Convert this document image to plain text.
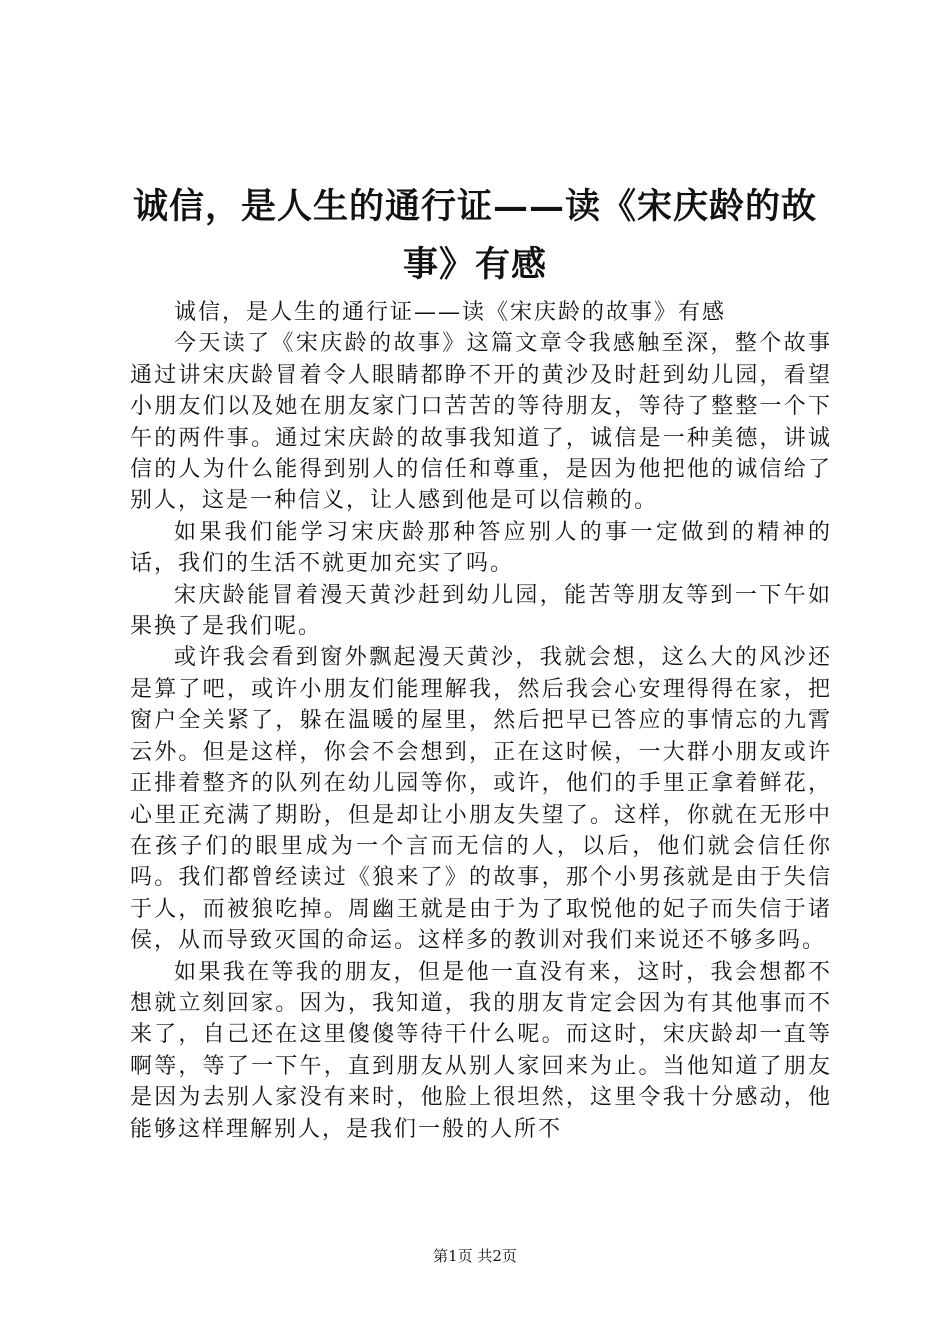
诚信，是人生的通行证——读《宋庆龄的故事》有感

诚信，是人生的通行证——读《宋庆龄的故事》有感

今天读了《宋庆龄的故事》这篇文章令我感触至深，整个故事通过讲宋庆龄冒着令人眼睛都睁不开的黄沙及时赶到幼儿园，看望小朋友们以及她在朋友家门口苦苦的等待朋友，等待了整整一个下午的两件事。通过宋庆龄的故事我知道了，诚信是一种美德，讲诚信的人为什么能得到别人的信任和尊重，是因为他把他的诚信给了别人，这是一种信义，让人感到他是可以信赖的。

如果我们能学习宋庆龄那种答应别人的事一定做到的精神的话，我们的生活不就更加充实了吗。

宋庆龄能冒着漫天黄沙赶到幼儿园，能苦等朋友等到一下午如果换了是我们呢。

或许我会看到窗外飘起漫天黄沙，我就会想，这么大的风沙还是算了吧，或许小朋友们能理解我，然后我会心安理得得在家，把窗户全关紧了，躲在温暖的屋里，然后把早已答应的事情忘的九霄云外。但是这样，你会不会想到，正在这时候，一大群小朋友或许正排着整齐的队列在幼儿园等你，或许，他们的手里正拿着鲜花，心里正充满了期盼，但是却让小朋友失望了。这样，你就在无形中在孩子们的眼里成为一个言而无信的人，以后，他们就会信任你吗。我们都曾经读过《狼来了》的故事，那个小男孩就是由于失信于人，而被狼吃掉。周幽王就是由于为了取悦他的妃子而失信于诸侯，从而导致灭国的命运。这样多的教训对我们来说还不够多吗。

如果我在等我的朋友，但是他一直没有来，这时，我会想都不想就立刻回家。因为，我知道，我的朋友肯定会因为有其他事而不来了，自己还在这里傻傻等待干什么呢。而这时，宋庆龄却一直等啊等，等了一下午，直到朋友从别人家回来为止。当他知道了朋友是因为去别人家没有来时，他脸上很坦然，这里令我十分感动，他能够这样理解别人，是我们一般的人所不

第1页 共2页
